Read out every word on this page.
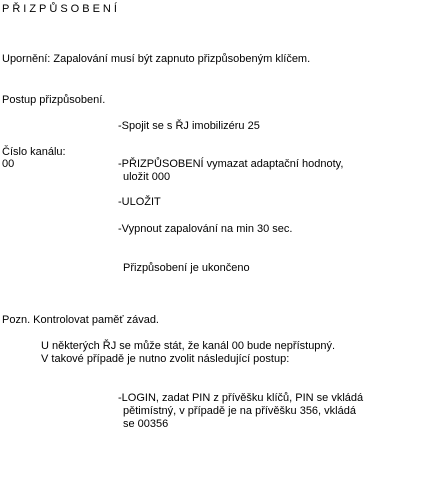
PŘIZPŮSOBENÍ
Upornění: Zapalování musí být zapnuto přizpůsobeným klíčem.
Postup přizpůsobení.
-Spojit se s ŘJ imobilizéru 25
Číslo kanálu:
00	-PŘIZPŮSOBENÍ vymazat adaptační hodnoty,
uložit 000
-ULOŽIT
-Vypnout zapalování na min 30 sec.
Přizpůsobení je ukončeno
Pozn. Kontrolovat paměť závad.
U některých ŘJ se může stát, že kanál 00 bude nepřístupný.
V takové případě je nutno zvolit následující postup:
-LOGIN, zadat PIN z přívěšku klíčů, PIN se vkládá
pětimístný, v případě je na přívěšku 356, vkládá
se 00356
